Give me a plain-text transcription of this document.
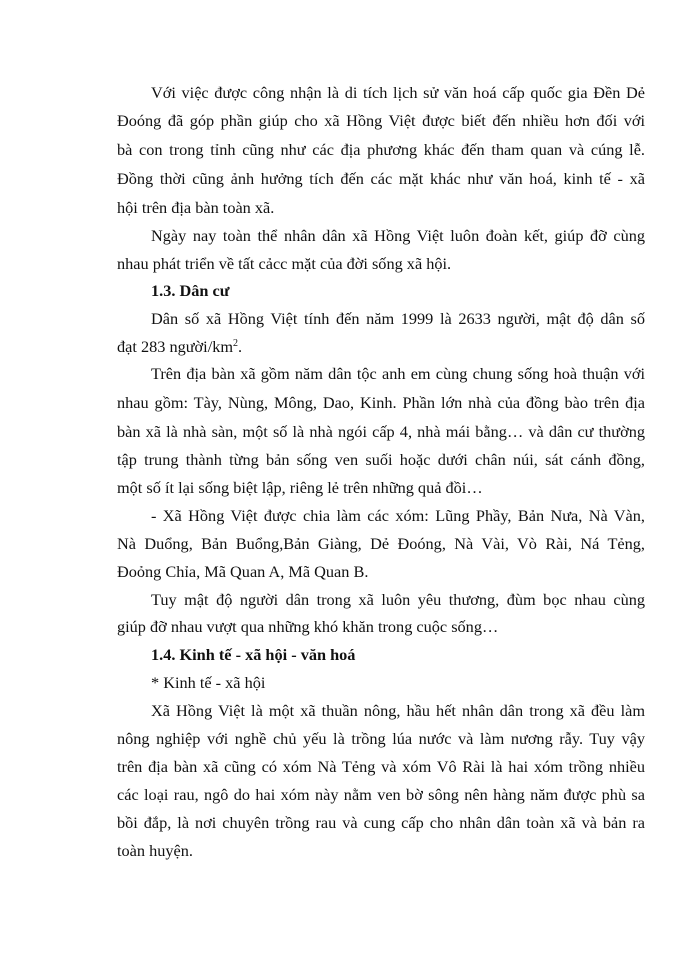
Với việc được công nhận là di tích lịch sử văn hoá cấp quốc gia Đền Dẻ
Đoóng đã góp phần giúp cho xã Hồng Việt được biết đến nhiều hơn đối với
bà con trong tỉnh cũng như các địa phương khác đến tham quan và cúng lễ.
Đồng thời cũng ảnh hưởng tích đến các mặt khác như văn hoá, kinh tế - xã
hội trên địa bàn toàn xã.
Ngày nay toàn thể nhân dân xã Hồng Việt luôn đoàn kết, giúp đỡ cùng
nhau phát triển về tất cảcc mặt của đời sống xã hội.
1.3. Dân cư
Dân số xã Hồng Việt tính đến năm 1999 là 2633 người, mật độ dân số
đạt 283 người/$km^2$.
Trên địa bàn xã gồm năm dân tộc anh em cùng chung sống hoà thuận với
nhau gồm: Tày, Nùng, Mông, Dao, Kinh. Phần lớn nhà của đồng bào trên địa
bàn xã là nhà sàn, một số là nhà ngói cấp 4, nhà mái bằng… và dân cư thường
tập trung thành từng bản sống ven suối hoặc dưới chân núi, sát cánh đồng,
một số ít lại sống biệt lập, riêng lẻ trên những quả đồi…
- Xã Hồng Việt được chia làm các xóm: Lũng Phầy, Bản Nưa, Nà Vàn,
Nà Duổng, Bản Buổng,Bản Giàng, Dẻ Đoóng, Nà Vài, Vò Rài, Ná Tẻng,
Đoỏng Chỉa, Mã Quan A, Mã Quan B.
Tuy mật độ người dân trong xã luôn yêu thương, đùm bọc nhau cùng
giúp đỡ nhau vượt qua những khó khăn trong cuộc sống…
1.4. Kinh tế - xã hội - văn hoá
* Kinh tế - xã hội
Xã Hồng Việt là một xã thuần nông, hầu hết nhân dân trong xã đều làm
nông nghiệp với nghề chủ yếu là trồng lúa nước và làm nương rẫy. Tuy vậy
trên địa bàn xã cũng có xóm Nà Tẻng và xóm Vô Rài là hai xóm trồng nhiều
các loại rau, ngô do hai xóm này nằm ven bờ sông nên hàng năm được phù sa
bồi đắp, là nơi chuyên trồng rau và cung cấp cho nhân dân toàn xã và bản ra
toàn huyện.
